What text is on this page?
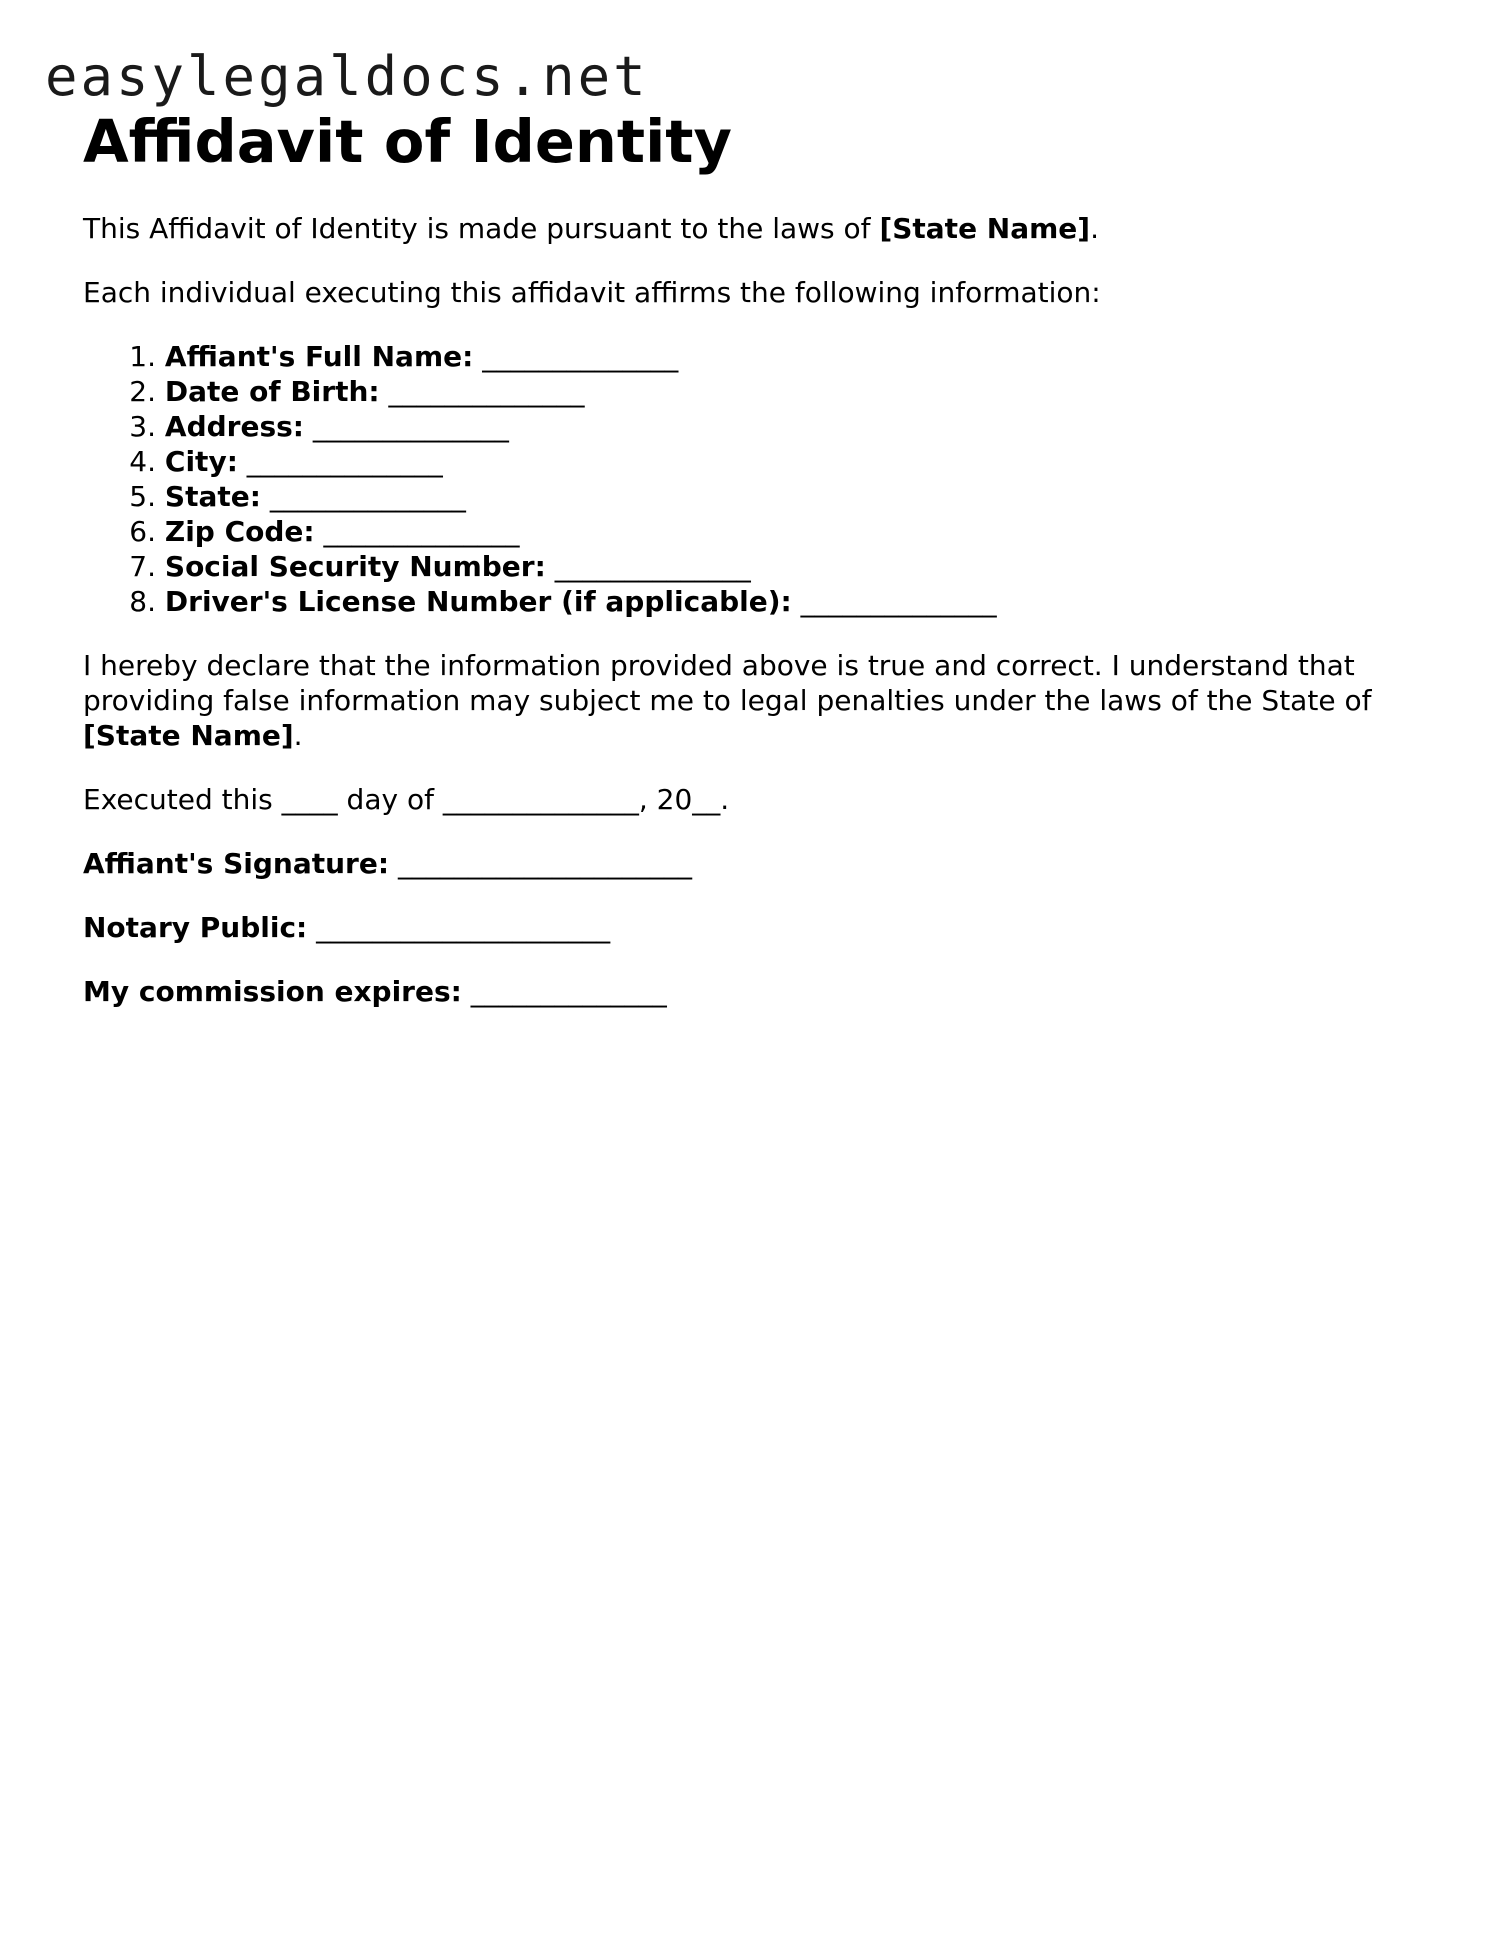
easylegaldocs.net

Affidavit of Identity

This Affidavit of Identity is made pursuant to the laws of [State Name].

Each individual executing this affidavit affirms the following information:

1. Affiant's Full Name: ______________
2. Date of Birth: ______________
3. Address: ______________
4. City: ______________
5. State: ______________
6. Zip Code: ______________
7. Social Security Number: ______________
8. Driver's License Number (if applicable): ______________

I hereby declare that the information provided above is true and correct. I understand that providing false information may subject me to legal penalties under the laws of the State of [State Name].

Executed this ____ day of ______________, 20__.

Affiant's Signature: _____________________

Notary Public: _____________________

My commission expires: ______________
